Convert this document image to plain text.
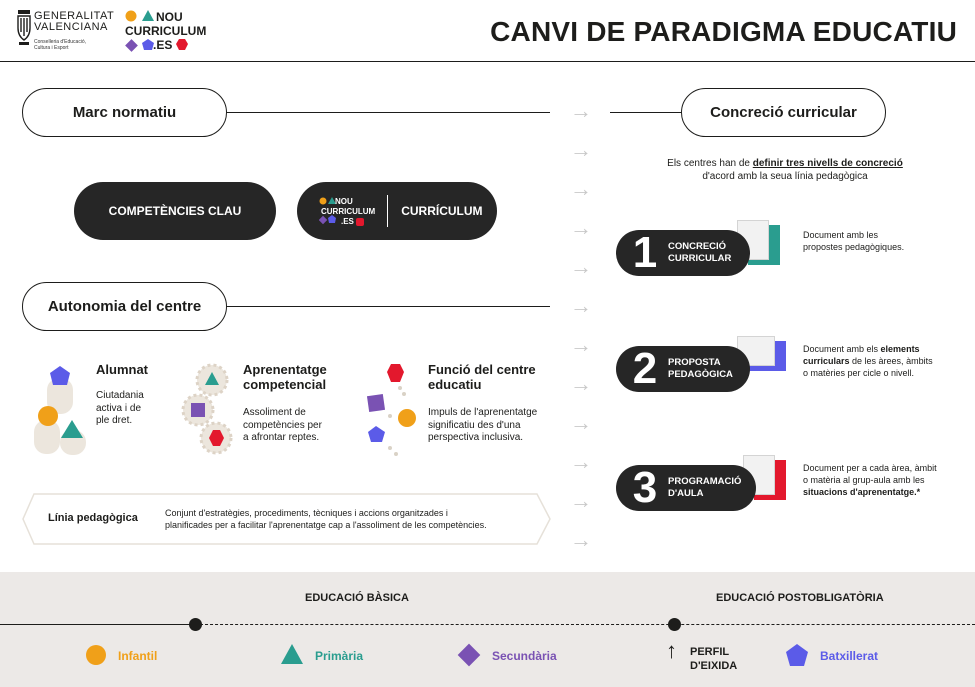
GENERALITAT
VALENCIANA
Conselleria d'Educació,
Cultura i Esport
NOU
CURRICULUM
.ES	CANVI DE PARADIGMA EDUCATIU
Marc normatiu
COMPETÈNCIES CLAU
NOU
CURRICULUM
.ES
CURRÍCULUM
Autonomia del centre
Alumnat
Ciutadania
activa i de
ple dret.
Aprenentatge
competencial
Assoliment de
competències per
a afrontar reptes.
Funció del centre
educatiu
Impuls de l'aprenentatge
significatiu des d'una
perspectiva inclusiva.
Línia pedagògica	Conjunt d'estratègies, procediments, tècniques i accions organitzades i
planificades per a facilitar l'aprenentatge cap a l'assoliment de les competències.
→
→
→
→
→
→
→
→
→
→
→
→
Concreció curricular
Els centres han de definir tres nivells de concreció
d'acord amb la seua línia pedagògica
1	CONCRECIÓ
CURRICULAR
Document amb les
propostes pedagògiques.
2	PROPOSTA
PEDAGÒGICA
Document amb els elements
curriculars de les àrees, àmbits
o matèries per cicle o nivell.
3	PROGRAMACIÓ
D'AULA
Document per a cada àrea, àmbit
o matèria al grup-aula amb les
situacions d'aprenentatge.*
EDUCACIÓ BÀSICA	EDUCACIÓ POSTOBLIGATÒRIA
Infantil	Primària	Secundària	↑ PERFIL
D'EIXIDA
Batxillerat
